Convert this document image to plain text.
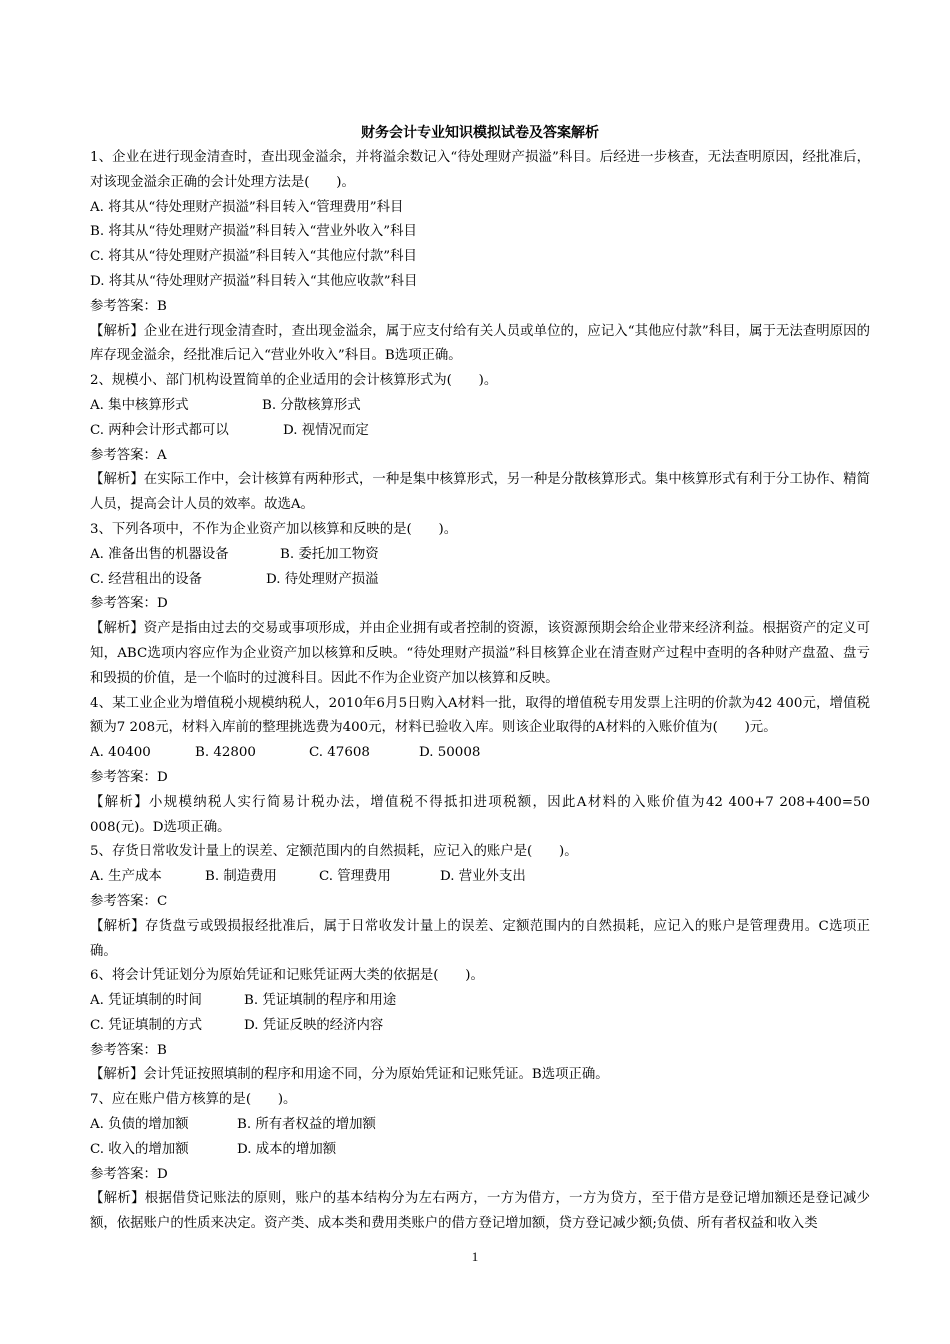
财务会计专业知识模拟试卷及答案解析
1、企业在进行现金清查时，查出现金溢余，并将溢余数记入“待处理财产损溢”科目。后经进一步核查，无法查明原因，经批准后，对该现金溢余正确的会计处理方法是(　　)。
A. 将其从“待处理财产损溢”科目转入“管理费用”科目
B. 将其从“待处理财产损溢”科目转入“营业外收入”科目
C. 将其从“待处理财产损溢”科目转入“其他应付款”科目
D. 将其从“待处理财产损溢”科目转入“其他应收款”科目
参考答案：B
【解析】企业在进行现金清查时，查出现金溢余，属于应支付给有关人员或单位的，应记入“其他应付款”科目，属于无法查明原因的库存现金溢余，经批准后记入“营业外收入”科目。B选项正确。
2、规模小、部门机构设置简单的企业适用的会计核算形式为(　　)。
A. 集中核算形式	B. 分散核算形式
C. 两种会计形式都可以	D. 视情况而定
参考答案：A
【解析】在实际工作中，会计核算有两种形式，一种是集中核算形式，另一种是分散核算形式。集中核算形式有利于分工协作、精简人员，提高会计人员的效率。故选A。
3、下列各项中，不作为企业资产加以核算和反映的是(　　)。
A. 准备出售的机器设备	B. 委托加工物资
C. 经营租出的设备	D. 待处理财产损溢
参考答案：D
【解析】资产是指由过去的交易或事项形成，并由企业拥有或者控制的资源，该资源预期会给企业带来经济利益。根据资产的定义可知，ABC选项内容应作为企业资产加以核算和反映。“待处理财产损溢”科目核算企业在清查财产过程中查明的各种财产盘盈、盘亏和毁损的价值，是一个临时的过渡科目。因此不作为企业资产加以核算和反映。
4、某工业企业为增值税小规模纳税人，2010年6月5日购入A材料一批，取得的增值税专用发票上注明的价款为42 400元，增值税额为7 208元，材料入库前的整理挑选费为400元，材料已验收入库。则该企业取得的A材料的入账价值为(　　)元。
A. 40400	B. 42800	C. 47608	D. 50008
参考答案：D
【解析】小规模纳税人实行简易计税办法，增值税不得抵扣进项税额，因此A材料的入账价值为42 400+7 208+400=50 008(元)。D选项正确。
5、存货日常收发计量上的误差、定额范围内的自然损耗，应记入的账户是(　　)。
A. 生产成本	B. 制造费用	C. 管理费用	D. 营业外支出
参考答案：C
【解析】存货盘亏或毁损报经批准后，属于日常收发计量上的误差、定额范围内的自然损耗，应记入的账户是管理费用。C选项正确。
6、将会计凭证划分为原始凭证和记账凭证两大类的依据是(　　)。
A. 凭证填制的时间	B. 凭证填制的程序和用途
C. 凭证填制的方式	D. 凭证反映的经济内容
参考答案：B
【解析】会计凭证按照填制的程序和用途不同，分为原始凭证和记账凭证。B选项正确。
7、应在账户借方核算的是(　　)。
A. 负债的增加额	B. 所有者权益的增加额
C. 收入的增加额	D. 成本的增加额
参考答案：D
【解析】根据借贷记账法的原则，账户的基本结构分为左右两方，一方为借方，一方为贷方，至于借方是登记增加额还是登记减少额，依据账户的性质来决定。资产类、成本类和费用类账户的借方登记增加额，贷方登记减少额;负债、所有者权益和收入类
1
